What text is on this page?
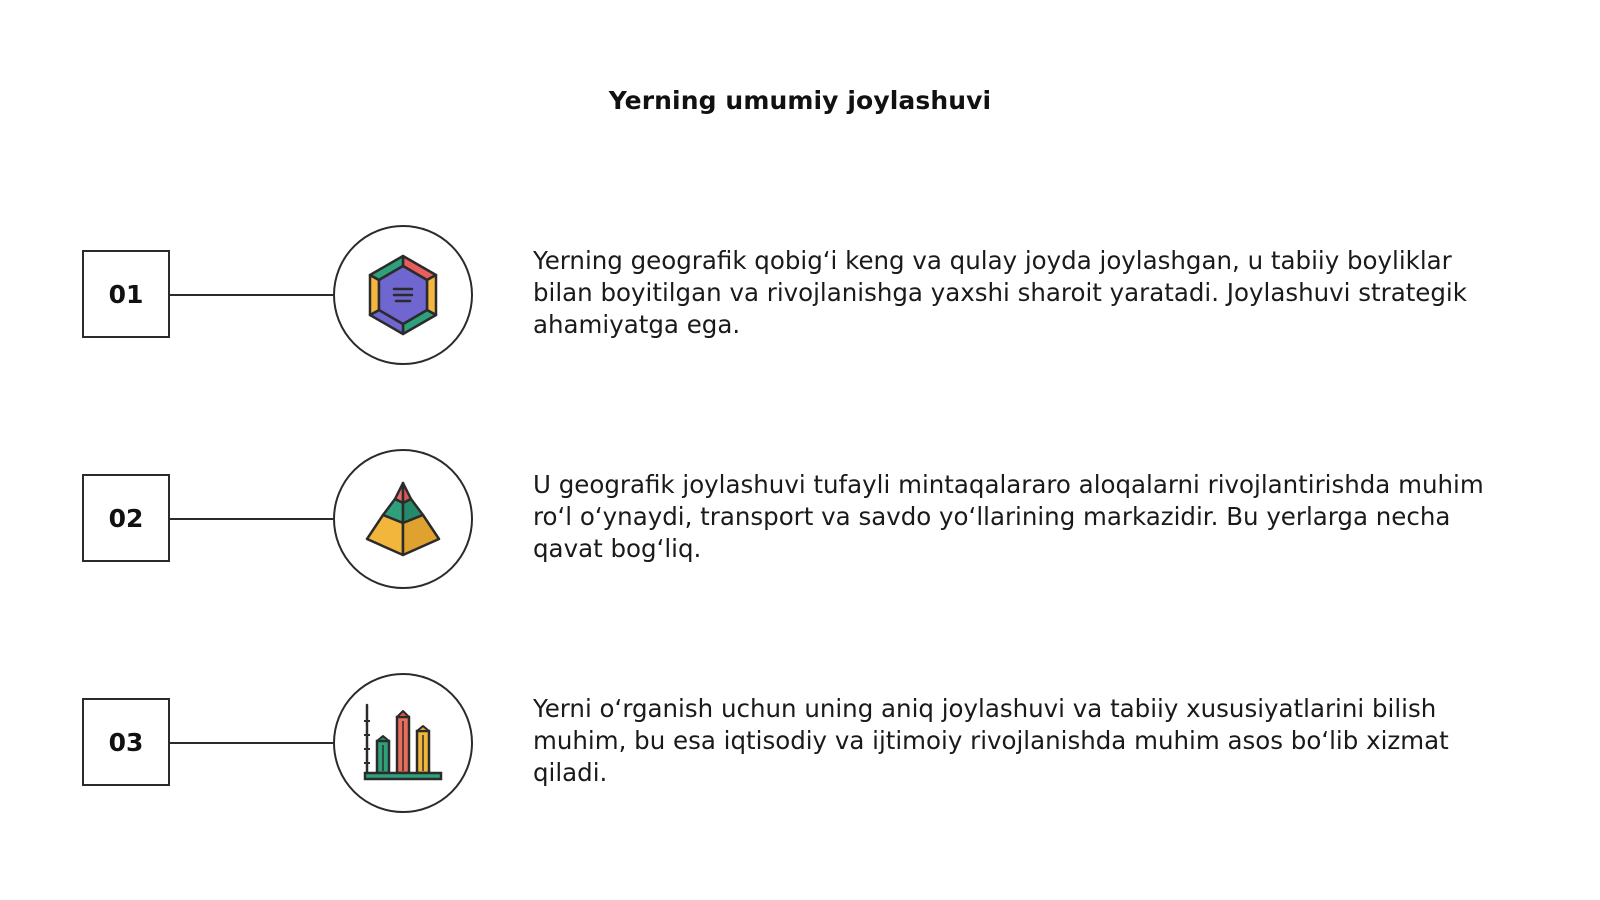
Yerning umumiy joylashuvi
01

Yerning geografik qobig‘i keng va qulay joyda joylashgan, u tabiiy boyliklar bilan boyitilgan va rivojlanishga yaxshi sharoit yaratadi. Joylashuvi strategik ahamiyatga ega.

02

U geografik joylashuvi tufayli mintaqalararo aloqalarni rivojlantirishda muhim ro‘l o‘ynaydi, transport va savdo yo‘llarining markazidir. Bu yerlarga necha qavat bog‘liq.

03

Yerni o‘rganish uchun uning aniq joylashuvi va tabiiy xususiyatlarini bilish muhim, bu esa iqtisodiy va ijtimoiy rivojlanishda muhim asos bo‘lib xizmat qiladi.
